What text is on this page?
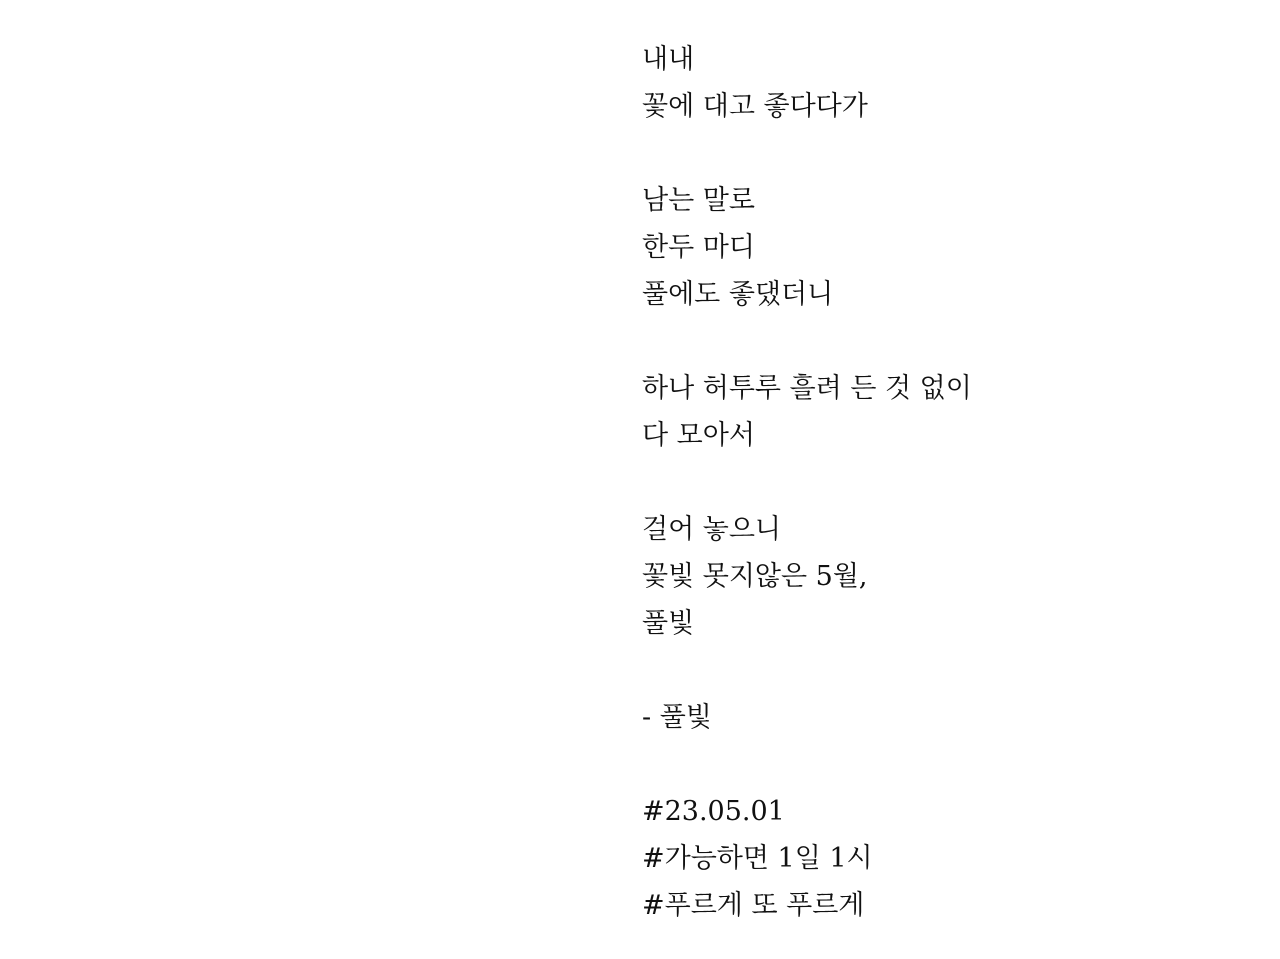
내내
꽃에 대고 좋다다가
남는 말로
한두 마디
풀에도 좋댔더니
하나 허투루 흘려 든 것 없이
다 모아서
걸어 놓으니
꽃빛 못지않은 5월,
풀빛
- 풀빛
#23.05.01
#가능하면 1일 1시
#푸르게 또 푸르게
